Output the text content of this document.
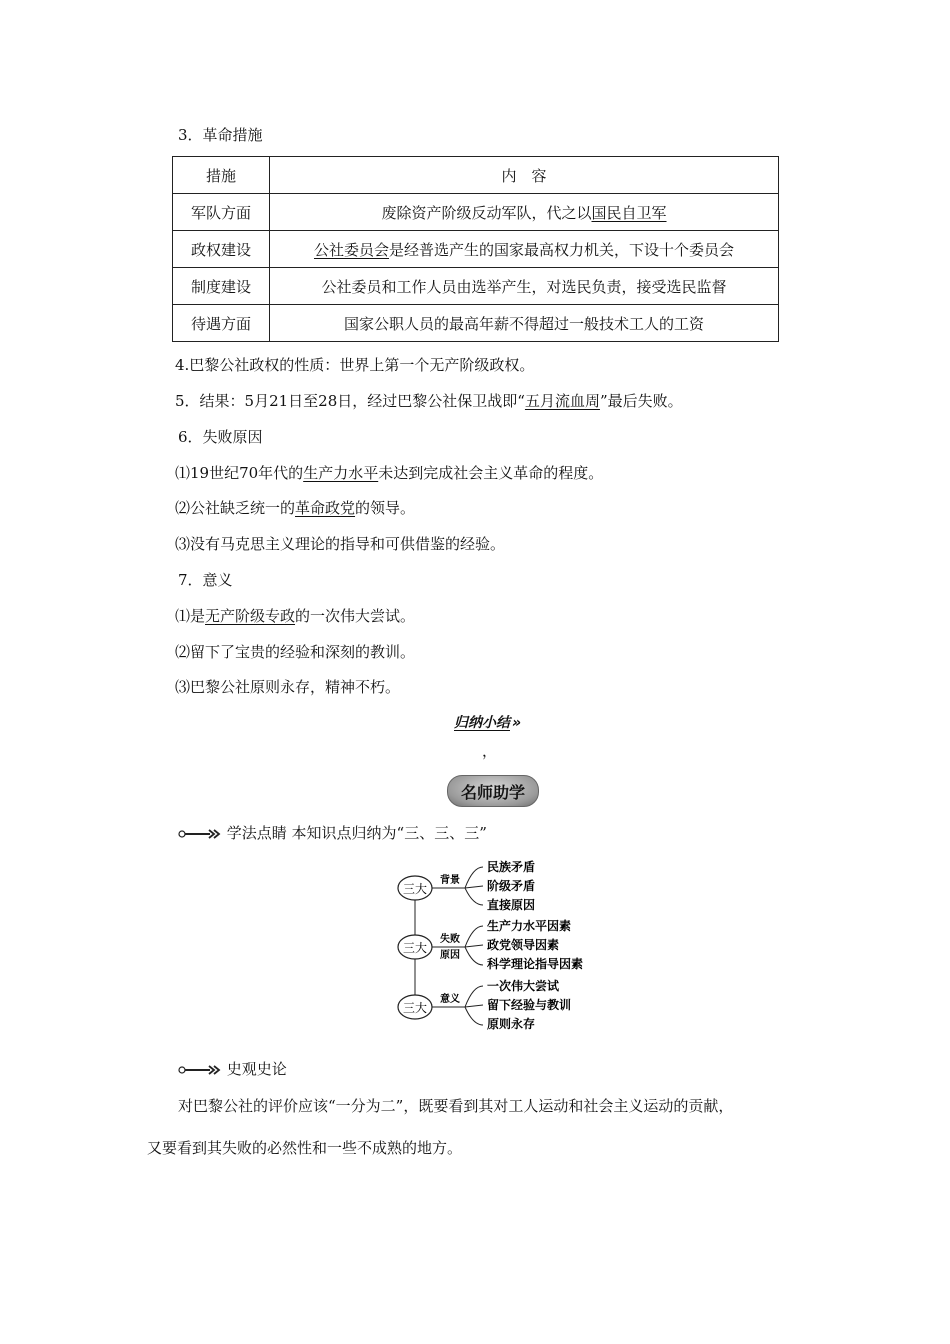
3．革命措施
措施	内　容
军队方面	废除资产阶级反动军队，代之以国民自卫军
政权建设	公社委员会是经普选产生的国家最高权力机关，下设十个委员会
制度建设	公社委员和工作人员由选举产生，对选民负责，接受选民监督
待遇方面	国家公职人员的最高年薪不得超过一般技术工人的工资
4.巴黎公社政权的性质：世界上第一个无产阶级政权。
5．结果：5月21日至28日，经过巴黎公社保卫战即“五月流血周”最后失败。
6．失败原因
⑴19世纪70年代的生产力水平未达到完成社会主义革命的程度。
⑵公社缺乏统一的革命政党的领导。
⑶没有马克思主义理论的指导和可供借鉴的经验。
7．意义
⑴是无产阶级专政的一次伟大尝试。
⑵留下了宝贵的经验和深刻的教训。
⑶巴黎公社原则永存，精神不朽。
归纳小结 »
，
名师助学
学法点睛 本知识点归纳为“三、三、三”
三大
背景
民族矛盾
阶级矛盾
直接原因
三大
失败
原因
生产力水平因素
政党领导因素
科学理论指导因素
三大
意义
一次伟大尝试
留下经验与教训
原则永存
史观史论
对巴黎公社的评价应该“一分为二”，既要看到其对工人运动和社会主义运动的贡献，
又要看到其失败的必然性和一些不成熟的地方。
